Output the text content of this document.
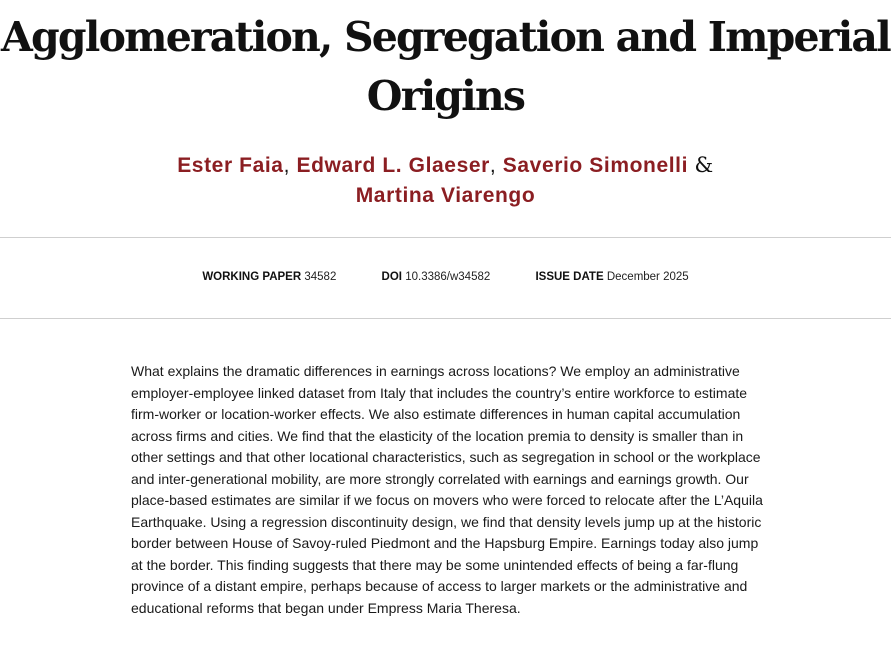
Agglomeration, Segregation and Imperial Origins
Ester Faia, Edward L. Glaeser, Saverio Simonelli &
Martina Viarengo
WORKING PAPER 34582	DOI 10.3386/w34582	ISSUE DATE December 2025

What explains the dramatic differences in earnings across locations? We employ an administrative employer-employee linked dataset from Italy that includes the country’s entire workforce to estimate firm-worker or location-worker effects. We also estimate differences in human capital accumulation across firms and cities. We find that the elasticity of the location premia to density is smaller than in other settings and that other locational characteristics, such as segregation in school or the workplace and inter-generational mobility, are more strongly correlated with earnings and earnings growth. Our place-based estimates are similar if we focus on movers who were forced to relocate after the L’Aquila Earthquake. Using a regression discontinuity design, we find that density levels jump up at the historic border between House of Savoy-ruled Piedmont and the Hapsburg Empire. Earnings today also jump at the border. This finding suggests that there may be some unintended effects of being a far-flung province of a distant empire, perhaps because of access to larger markets or the administrative and educational reforms that began under Empress Maria Theresa.
